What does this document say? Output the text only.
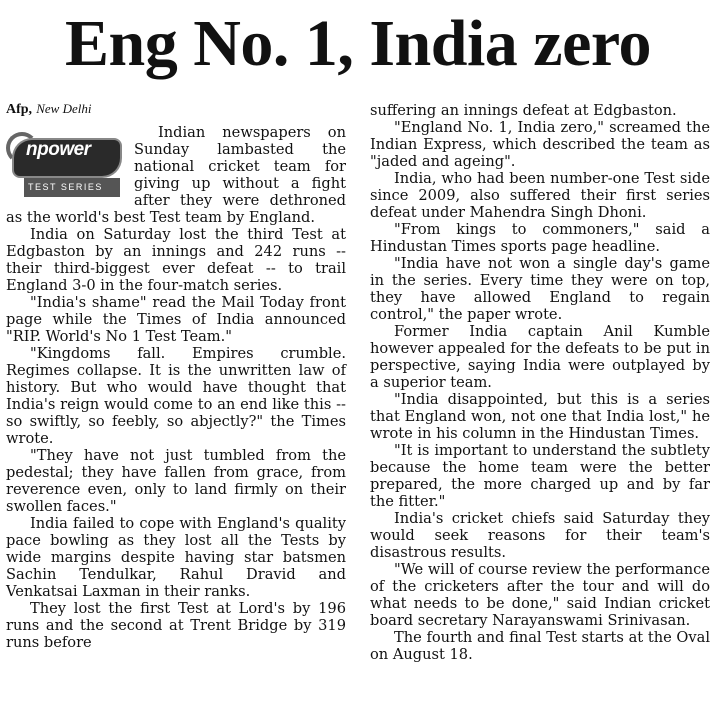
Eng No. 1, India zero
Afp, New Delhi
npower
TEST SERIES

Indian newspapers on Sunday lambasted the national cricket team for giving up without a fight after they were dethroned as the world's best Test team by England.

India on Saturday lost the third Test at Edgbaston by an innings and 242 runs -- their third-biggest ever defeat -- to trail England 3-0 in the four-match series.

"India's shame" read the Mail Today front page while the Times of India announced "RIP. World's No 1 Test Team."

"Kingdoms fall. Empires crumble. Regimes collapse. It is the unwritten law of history. But who would have thought that India's reign would come to an end like this -- so swiftly, so feebly, so abjectly?" the Times wrote.

"They have not just tumbled from the pedestal; they have fallen from grace, from reverence even, only to land firmly on their swollen faces."

India failed to cope with England's quality pace bowling as they lost all the Tests by wide margins despite having star batsmen Sachin Tendulkar, Rahul Dravid and Venkatsai Laxman in their ranks.

They lost the first Test at Lord's by 196 runs and the second at Trent Bridge by 319 runs before

suffering an innings defeat at Edgbaston.

"England No. 1, India zero," screamed the Indian Express, which described the team as "jaded and ageing".

India, who had been number-one Test side since 2009, also suffered their first series defeat under Mahendra Singh Dhoni.

"From kings to commoners," said a Hindustan Times sports page headline.

"India have not won a single day's game in the series. Every time they were on top, they have allowed England to regain control," the paper wrote.

Former India captain Anil Kumble however appealed for the defeats to be put in perspective, saying India were outplayed by a superior team.

"India disappointed, but this is a series that England won, not one that India lost," he wrote in his column in the Hindustan Times.

"It is important to understand the subtlety because the home team were the better prepared, the more charged up and by far the fitter."

India's cricket chiefs said Saturday they would seek reasons for their team's disastrous results.

"We will of course review the performance of the cricketers after the tour and will do what needs to be done," said Indian cricket board secretary Narayanswami Srinivasan.

The fourth and final Test starts at the Oval on August 18.
